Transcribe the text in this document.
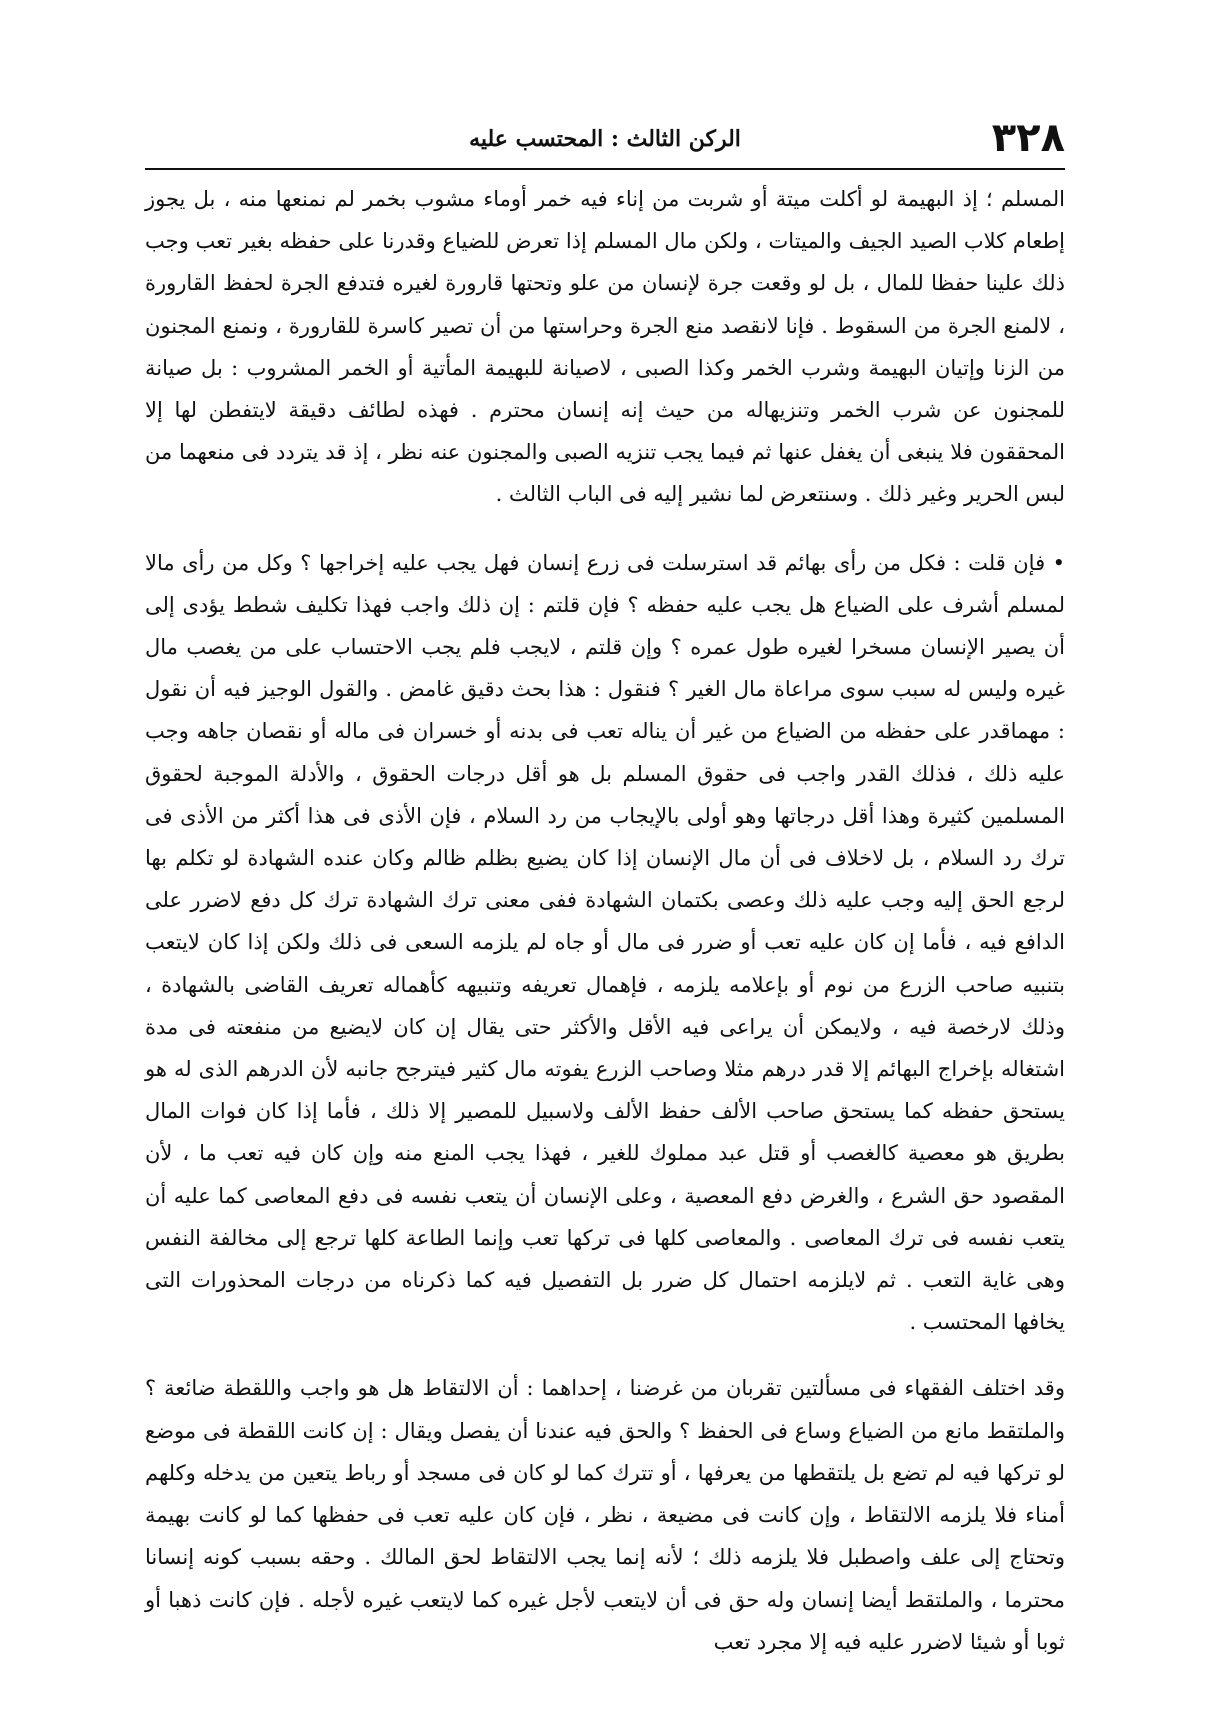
٣٢٨
الركن الثالث : المحتسب عليه

المسلم ؛ إذ البهيمة لو أكلت ميتة أو شربت من إناء فيه خمر أوماء مشوب بخمر لم نمنعها منه ، بل يجوز إطعام كلاب الصيد الجيف والميتات ، ولكن مال المسلم إذا تعرض للضياع وقدرنا على حفظه بغير تعب وجب ذلك علينا حفظا للمال ، بل لو وقعت جرة لإنسان من علو وتحتها قارورة لغيره فتدفع الجرة لحفظ القارورة ، لالمنع الجرة من السقوط . فإنا لانقصد منع الجرة وحراستها من أن تصير كاسرة للقارورة ، ونمنع المجنون من الزنا وإتيان البهيمة وشرب الخمر وكذا الصبى ، لاصيانة للبهيمة المأتية أو الخمر المشروب : بل صيانة للمجنون عن شرب الخمر وتنزيهاله من حيث إنه إنسان محترم . فهذه لطائف دقيقة لايتفطن لها إلا المحققون فلا ينبغى أن يغفل عنها ثم فيما يجب تنزيه الصبى والمجنون عنه نظر ، إذ قد يتردد فى منعهما من لبس الحرير وغير ذلك . وسنتعرض لما نشير إليه فى الباب الثالث .

• فإن قلت : فكل من رأى بهائم قد استرسلت فى زرع إنسان فهل يجب عليه إخراجها ؟ وكل من رأى مالا لمسلم أشرف على الضياع هل يجب عليه حفظه ؟ فإن قلتم : إن ذلك واجب فهذا تكليف شطط يؤدى إلى أن يصير الإنسان مسخرا لغيره طول عمره ؟ وإن قلتم ، لايجب فلم يجب الاحتساب على من يغصب مال غيره وليس له سبب سوى مراعاة مال الغير ؟ فنقول : هذا بحث دقيق غامض . والقول الوجيز فيه أن نقول : مهماقدر على حفظه من الضياع من غير أن يناله تعب فى بدنه أو خسران فى ماله أو نقصان جاهه وجب عليه ذلك ، فذلك القدر واجب فى حقوق المسلم بل هو أقل درجات الحقوق ، والأدلة الموجبة لحقوق المسلمين كثيرة وهذا أقل درجاتها وهو أولى بالإيجاب من رد السلام ، فإن الأذى فى هذا أكثر من الأذى فى ترك رد السلام ، بل لاخلاف فى أن مال الإنسان إذا كان يضيع بظلم ظالم وكان عنده الشهادة لو تكلم بها لرجع الحق إليه وجب عليه ذلك وعصى بكتمان الشهادة ففى معنى ترك الشهادة ترك كل دفع لاضرر على الدافع فيه ، فأما إن كان عليه تعب أو ضرر فى مال أو جاه لم يلزمه السعى فى ذلك ولكن إذا كان لايتعب بتنبيه صاحب الزرع من نوم أو بإعلامه يلزمه ، فإهمال تعريفه وتنبيهه كأهماله تعريف القاضى بالشهادة ، وذلك لارخصة فيه ، ولايمكن أن يراعى فيه الأقل والأكثر حتى يقال إن كان لايضيع من منفعته فى مدة اشتغاله بإخراج البهائم إلا قدر درهم مثلا وصاحب الزرع يفوته مال كثير فيترجح جانبه لأن الدرهم الذى له هو يستحق حفظه كما يستحق صاحب الألف حفظ الألف ولاسبيل للمصير إلا ذلك ، فأما إذا كان فوات المال بطريق هو معصية كالغصب أو قتل عبد مملوك للغير ، فهذا يجب المنع منه وإن كان فيه تعب ما ، لأن المقصود حق الشرع ، والغرض دفع المعصية ، وعلى الإنسان أن يتعب نفسه فى دفع المعاصى كما عليه أن يتعب نفسه فى ترك المعاصى . والمعاصى كلها فى تركها تعب وإنما الطاعة كلها ترجع إلى مخالفة النفس وهى غاية التعب . ثم لايلزمه احتمال كل ضرر بل التفصيل فيه كما ذكرناه من درجات المحذورات التى يخافها المحتسب .

وقد اختلف الفقهاء فى مسألتين تقربان من غرضنا ، إحداهما : أن الالتقاط هل هو واجب واللقطة ضائعة ؟ والملتقط مانع من الضياع وساع فى الحفظ ؟ والحق فيه عندنا أن يفصل ويقال : إن كانت اللقطة فى موضع لو تركها فيه لم تضع بل يلتقطها من يعرفها ، أو تترك كما لو كان فى مسجد أو رباط يتعين من يدخله وكلهم أمناء فلا يلزمه الالتقاط ، وإن كانت فى مضيعة ، نظر ، فإن كان عليه تعب فى حفظها كما لو كانت بهيمة وتحتاج إلى علف واصطبل فلا يلزمه ذلك ؛ لأنه إنما يجب الالتقاط لحق المالك . وحقه بسبب كونه إنسانا محترما ، والملتقط أيضا إنسان وله حق فى أن لايتعب لأجل غيره كما لايتعب غيره لأجله . فإن كانت ذهبا أو ثوبا أو شيئا لاضرر عليه فيه إلا مجرد تعب
